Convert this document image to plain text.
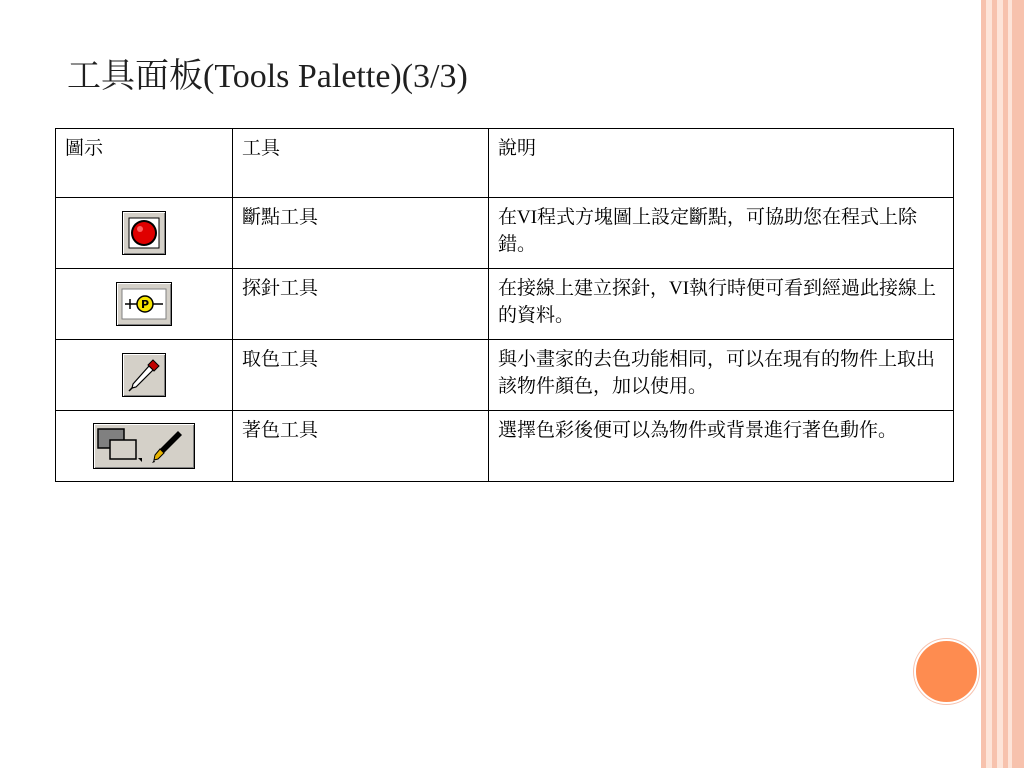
工具面板(Tools Palette)(3/3)
圖示	工具	說明
	斷點工具	在VI程式方塊圖上設定斷點，可協助您在程式上除錯。

P	探針工具	在接線上建立探針，VI執行時便可看到經過此接線上的資料。
	取色工具	與小畫家的去色功能相同，可以在現有的物件上取出該物件顏色，加以使用。
	著色工具	選擇色彩後便可以為物件或背景進行著色動作。
